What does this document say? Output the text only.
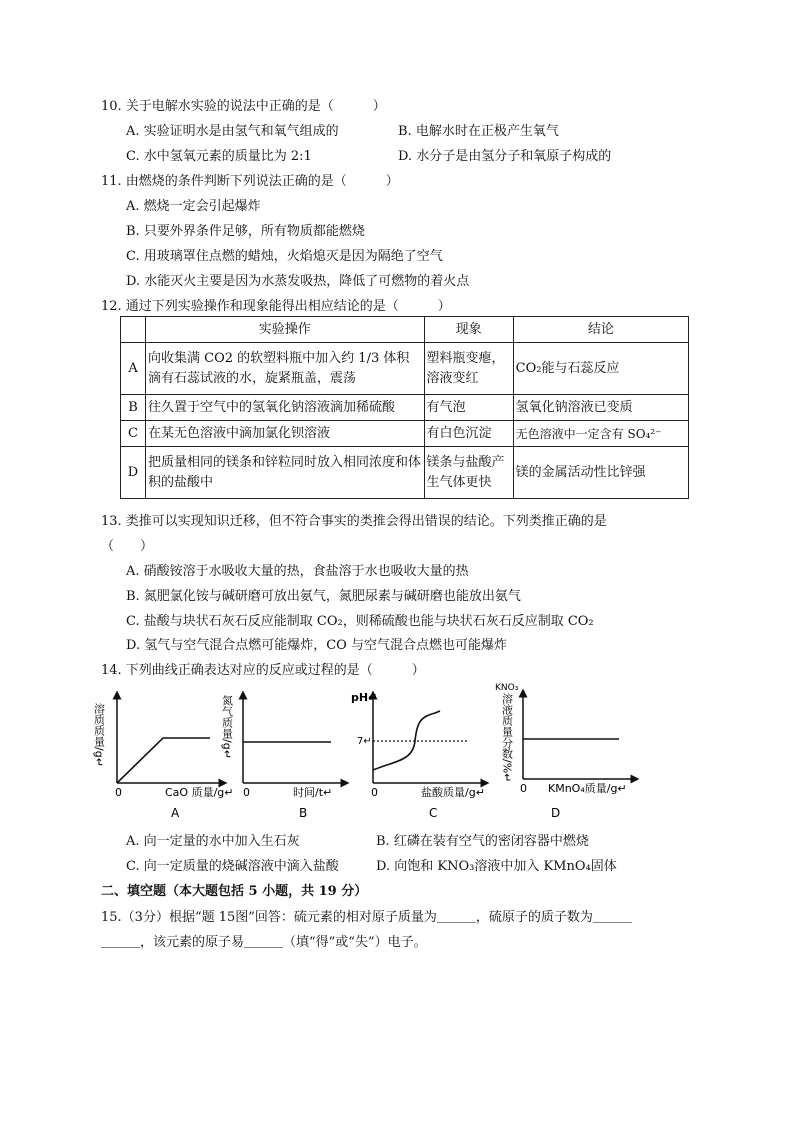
10. 关于电解水实验的说法中正确的是（　　　）
A. 实验证明水是由氢气和氧气组成的	B. 电解水时在正极产生氧气
C. 水中氢氧元素的质量比为 2:1	D. 水分子是由氢分子和氧原子构成的
11. 由燃烧的条件判断下列说法正确的是（　　　）
A. 燃烧一定会引起爆炸
B. 只要外界条件足够，所有物质都能燃烧
C. 用玻璃罩住点燃的蜡烛，火焰熄灭是因为隔绝了空气
D. 水能灭火主要是因为水蒸发吸热，降低了可燃物的着火点
12. 通过下列实验操作和现象能得出相应结论的是（　　　）
	实验操作	现象	结论
A	向收集满 CO2 的软塑料瓶中加入约 1/3 体积滴有石蕊试液的水，旋紧瓶盖，震荡	塑料瓶变瘪，溶液变红	CO₂能与石蕊反应
B	往久置于空气中的氢氧化钠溶液滴加稀硫酸	有气泡	氢氧化钠溶液已变质
C	在某无色溶液中滴加氯化钡溶液	有白色沉淀	无色溶液中一定含有 SO₄²⁻
D	把质量相同的镁条和锌粒同时放入相同浓度和体积的盐酸中	镁条与盐酸产生气体更快	镁的金属活动性比锌强
13. 类推可以实现知识迁移，但不符合事实的类推会得出错误的结论。下列类推正确的是
（　　）
A. 硝酸铵溶于水吸收大量的热，食盐溶于水也吸收大量的热
B. 氮肥氯化铵与碱研磨可放出氨气，氮肥尿素与碱研磨也能放出氨气
C. 盐酸与块状石灰石反应能制取 CO₂，则稀硫酸也能与块状石灰石反应制取 CO₂
D. 氢气与空气混合点燃可能爆炸，CO 与空气混合点燃也可能爆炸
14. 下列曲线正确表达对应的反应或过程的是（　　　）
溶质质量/g↵
0	CaO 质量/g↵
A
氮气质量/g↵
0	时间/t↵
B
pH↵
7↵
0	盐酸质量/g↵
C
KNO₃
溶液质量分数/%↵
0 KMnO₄质量/g↵
D
A. 向一定量的水中加入生石灰	B. 红磷在装有空气的密闭容器中燃烧
C. 向一定质量的烧碱溶液中滴入盐酸	D. 向饱和 KNO₃溶液中加入 KMnO₄固体
二、填空题（本大题包括 5 小题，共 19 分）
15.（3分）根据“题 15图”回答：硫元素的相对原子质量为＿＿＿，硫原子的质子数为＿＿＿
＿＿＿，该元素的原子易＿＿＿（填“得”或“失”）电子。
